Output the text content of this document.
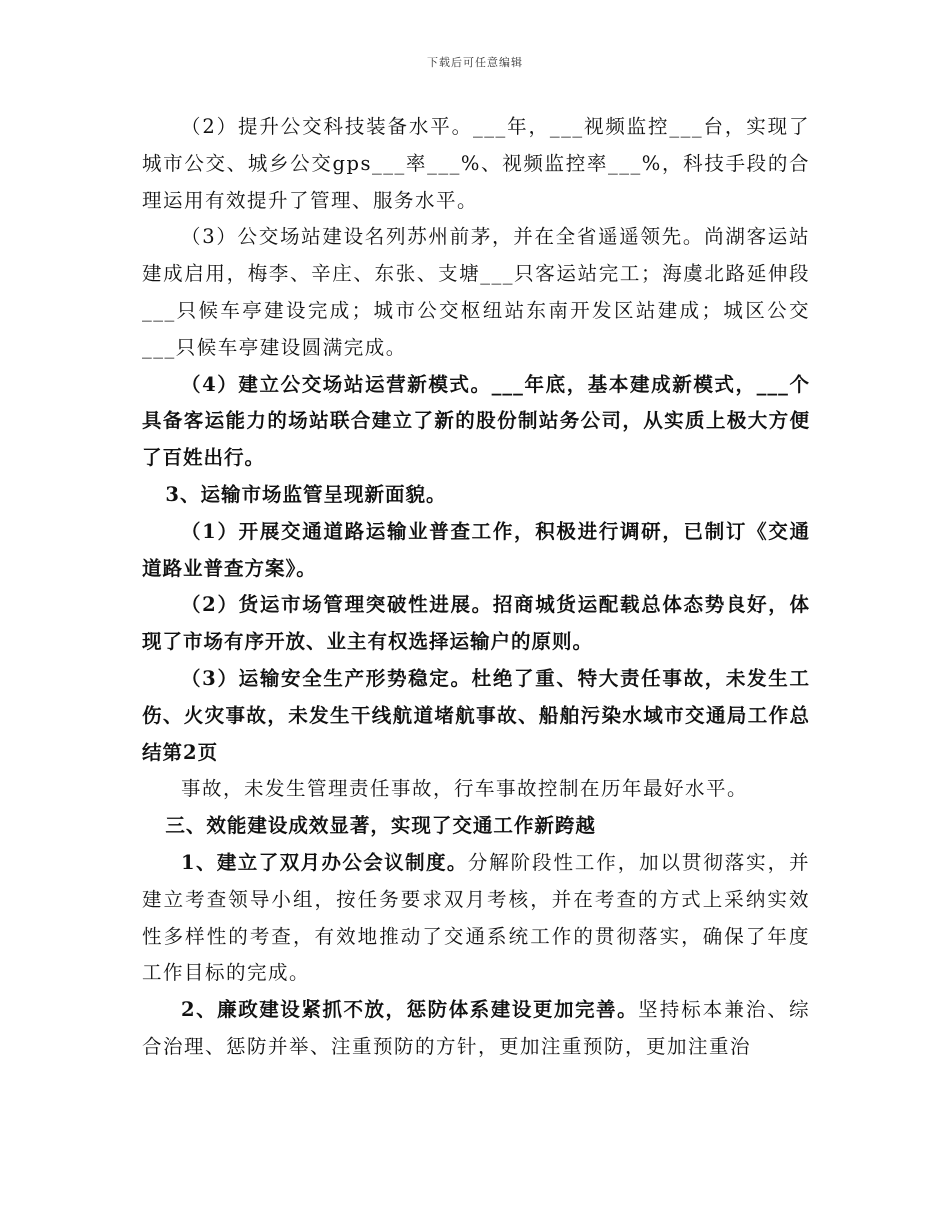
下载后可任意编辑

（2）提升公交科技装备水平。___年，___视频监控___台，实现了城市公交、城乡公交gps___率___%、视频监控率___%，科技手段的合理运用有效提升了管理、服务水平。

（3）公交场站建设名列苏州前茅，并在全省遥遥领先。尚湖客运站建成启用，梅李、辛庄、东张、支塘___只客运站完工；海虞北路延伸段___只候车亭建设完成；城市公交枢纽站东南开发区站建成；城区公交___只候车亭建设圆满完成。

（4）建立公交场站运营新模式。___年底，基本建成新模式，___个具备客运能力的场站联合建立了新的股份制站务公司，从实质上极大方便了百姓出行。

3、运输市场监管呈现新面貌。

（1）开展交通道路运输业普查工作，积极进行调研，已制订《交通道路业普查方案》。

（2）货运市场管理突破性进展。招商城货运配载总体态势良好，体现了市场有序开放、业主有权选择运输户的原则。

（3）运输安全生产形势稳定。杜绝了重、特大责任事故，未发生工伤、火灾事故，未发生干线航道堵航事故、船舶污染水域市交通局工作总结第2页

事故，未发生管理责任事故，行车事故控制在历年最好水平。

三、效能建设成效显著，实现了交通工作新跨越

1、建立了双月办公会议制度。分解阶段性工作，加以贯彻落实，并建立考查领导小组，按任务要求双月考核，并在考查的方式上采纳实效性多样性的考查，有效地推动了交通系统工作的贯彻落实，确保了年度工作目标的完成。

2、廉政建设紧抓不放，惩防体系建设更加完善。坚持标本兼治、综合治理、惩防并举、注重预防的方针，更加注重预防，更加注重治
